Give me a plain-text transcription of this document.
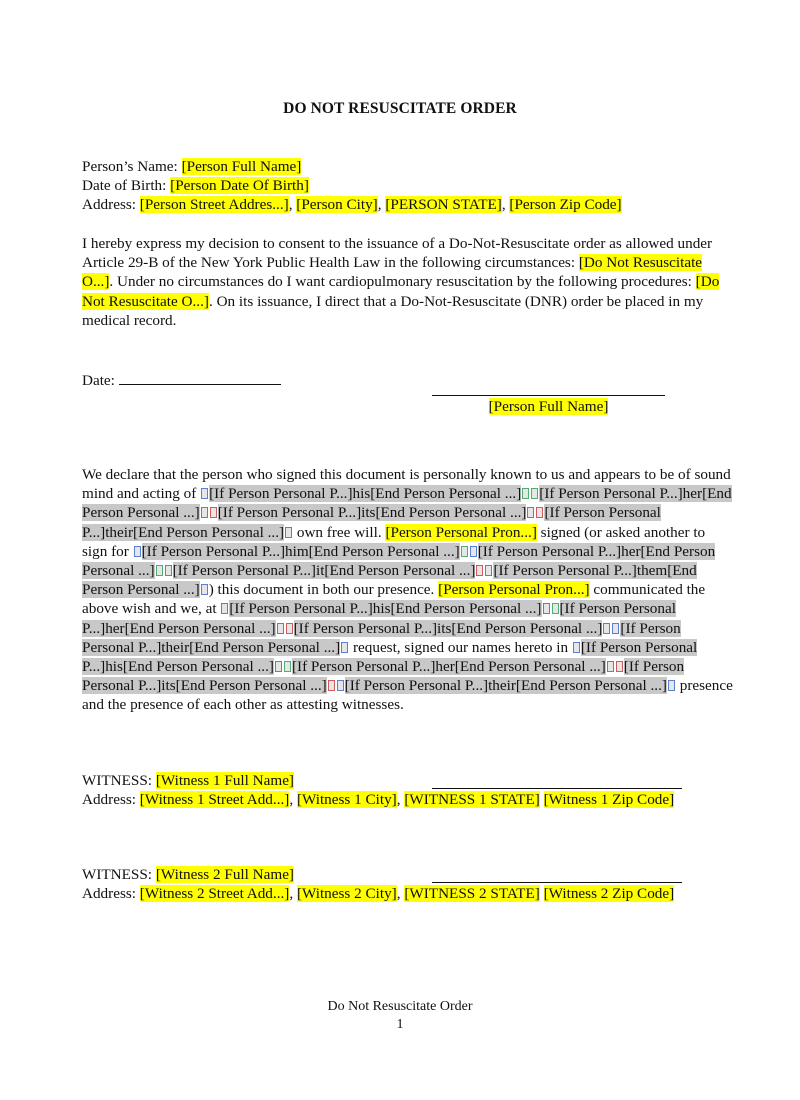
DO NOT RESUSCITATE ORDER
Person’s Name: [Person Full Name]
Date of Birth: [Person Date Of Birth]
Address: [Person Street Addres...], [Person City], [PERSON STATE], [Person Zip Code]
I hereby express my decision to consent to the issuance of a Do-Not-Resuscitate order as allowed under Article 29-B of the New York Public Health Law in the following circumstances: [Do Not Resuscitate O...]. Under no circumstances do I want cardiopulmonary resuscitation by the following procedures: [Do Not Resuscitate O...]. On its issuance, I direct that a Do-Not-Resuscitate (DNR) order be placed in my medical record.
Date:
[Person Full Name]
We declare that the person who signed this document is personally known to us and appears to be of sound mind and acting of [If Person Personal P...]his[End Person Personal ...] [If Person Personal P...]her[End Person Personal ...] [If Person Personal P...]its[End Person Personal ...] [If Person Personal P...]their[End Person Personal ...] own free will. [Person Personal Pron...] signed (or asked another to sign for [If Person Personal P...]him[End Person Personal ...] [If Person Personal P...]her[End Person Personal ...] [If Person Personal P...]it[End Person Personal ...] [If Person Personal P...]them[End Person Personal ...] ) this document in both our presence. [Person Personal Pron...] communicated the above wish and we, at [If Person Personal P...]his[End Person Personal ...] [If Person Personal P...]her[End Person Personal ...] [If Person Personal P...]its[End Person Personal ...] [If Person Personal P...]their[End Person Personal ...] request, signed our names hereto in [If Person Personal P...]his[End Person Personal ...] [If Person Personal P...]her[End Person Personal ...] [If Person Personal P...]its[End Person Personal ...] [If Person Personal P...]their[End Person Personal ...] presence and the presence of each other as attesting witnesses.
WITNESS: [Witness 1 Full Name]
Address: [Witness 1 Street Add...], [Witness 1 City], [WITNESS 1 STATE] [Witness 1 Zip Code]
WITNESS: [Witness 2 Full Name]
Address: [Witness 2 Street Add...], [Witness 2 City], [WITNESS 2 STATE] [Witness 2 Zip Code]
Do Not Resuscitate Order
1
